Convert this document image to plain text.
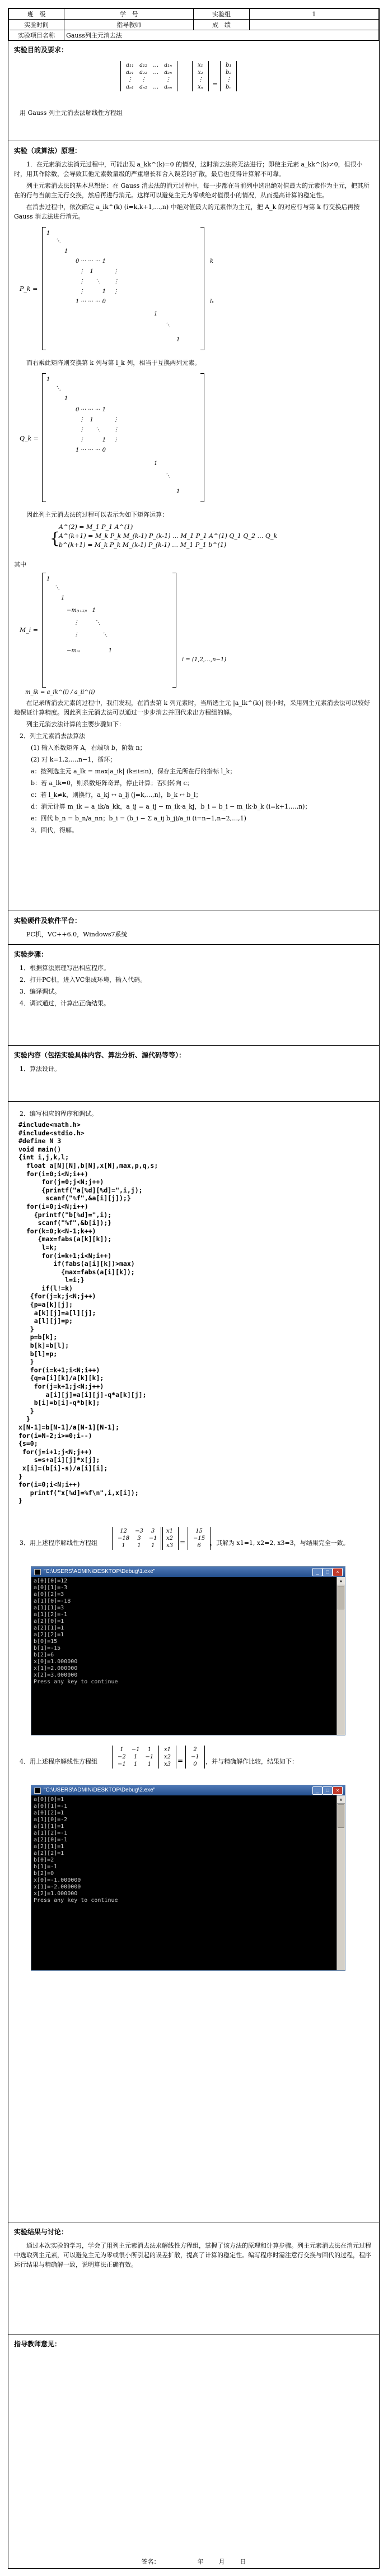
班　级	学　号	实验组	1
实验时间	指导教师	成　绩	
实验项目名称	Gauss列主元消去法		
实验目的及要求：
a₁₁	a₁₂	…	a₁ₙ
a₂₁	a₂₂	…	a₂ₙ
⋮	⋮		⋮
aₙ₁	aₙ₂	…	aₙₙ
x₁
x₂
⋮
xₙ =
b₁
b₂
⋮
bₙ
用 Gauss 列主元消去法解线性方程组
实验（或算法）原理：

1．在元素消去法消元过程中，可能出现 a_kk^(k)=0 的情况，这时消去法将无法进行；即使主元素 a_kk^(k)≠0，但很小时，用其作除数，会导致其他元素数量级的严重增长和舍入误差的扩散，最后也使得计算解不可靠。

列主元素消去法的基本思想是：在 Gauss 消去法的消元过程中，每一步都在当前列中选出绝对值最大的元素作为主元，把其所在的行与当前主元行交换，然后再进行消元。这样可以避免主元为零或绝对值很小的情况，从而提高计算的稳定性。

在消去过程中，依次确定 a_ik^(k) (i=k,k+1,…,n) 中绝对值最大的元素作为主元，把 A_k 的对应行与第 k 行交换后再按 Gauss 消去法进行消元。

P_k =
1
⋱
1
0 ··· ··· ··· 1
⋮   1           ⋮
⋮      ⋱       ⋮
⋮          1    ⋮
1 ··· ··· ··· 0
1
⋱
1
k
lₖ

而右乘此矩阵则交换第 k 列与第 l_k 列，相当于互换两列元素。

Q_k =
1
⋱
1
0 ··· ··· ··· 1
⋮   1           ⋮
⋮      ⋱       ⋮
⋮          1    ⋮
1 ··· ··· ··· 0
1
⋱
1

因此列主元消去法的过程可以表示为如下矩阵运算：

A^(2) = M_1 P_1 A^(1)
{
A^(k+1) = M_k P_k M_(k-1) P_(k-1) … M_1 P_1 A^(1) Q_1 Q_2 … Q_k
b^(k+1) = M_k P_k M_(k-1) P_(k-1) … M_1 P_1 b^(1)

其中

M_i =
1
⋱
1
−m₍ᵢ₊₁₎ᵢ   1
⋮         ⋱
⋮             ⋱
−mₙᵢ                1
i = (1,2,…,n−1)
m_ik = a_ik^(i) / a_ii^(i)

在记录所消去元素的过程中，我们发现，在消去第 k 列元素时，当所选主元 |a_lk^(k)| 很小时，采用列主元素消去法可以较好地保证计算精度。因此列主元消去法可以通过一步步消去并回代求出方程组的解。

列主元消去法计算的主要步骤如下：

2．列主元素消去法算法

(1) 输入系数矩阵 A，右端项 b，阶数 n；

(2) 对 k=1,2,…,n−1，循环；

a：按列选主元 a_lk = max|a_ik| (k≤i≤n)，保存主元所在行的指标 l_k；

b：若 a_lk=0，则系数矩阵奇异，停止计算；否则转向 c；

c：若 l_k≠k，则换行，a_kj ↔ a_lj (j=k,…,n)，b_k ↔ b_l；

d：消元计算 m_ik = a_ik/a_kk，a_ij = a_ij − m_ik·a_kj，b_i = b_i − m_ik·b_k (i=k+1,…,n)；

e：回代 b_n = b_n/a_nn；b_i = (b_i − Σ a_ij b_j)/a_ii (i=n−1,n−2,…,1)

3．回代，得解。

实验硬件及软件平台：

PC机，VC++6.0，Windows7系统

实验步骤：

1．根据算法原理写出相应程序。

2．打开PC机，进入VC集成环境，输入代码。

3．编译调试。

4．调试通过，计算出正确结果。

实验内容（包括实验具体内容、算法分析、源代码等等）：

1．算法设计。

2．编写相应的程序和调试。

#include<math.h>
#include<stdio.h>
#define N 3
void main()
{int i,j,k,l;
float a[N][N],b[N],x[N],max,p,q,s;
for(i=0;i<N;i++)
for(j=0;j<N;j++)
{printf("a[%d][%d]=",i,j);
scanf("%f",&a[i][j]);}
for(i=0;i<N;i++)
{printf("b[%d]=",i);
scanf("%f",&b[i]);}
for(k=0;k<N-1;k++)
{max=fabs(a[k][k]);
l=k;
for(i=k+1;i<N;i++)
if(fabs(a[i][k])>max)
{max=fabs(a[i][k]);
l=i;}
if(l!=k)
{for(j=k;j<N;j++)
{p=a[k][j];
a[k][j]=a[l][j];
a[l][j]=p;
}
p=b[k];
b[k]=b[l];
b[l]=p;
}
for(i=k+1;i<N;i++)
{q=a[i][k]/a[k][k];
for(j=k+1;j<N;j++)
a[i][j]=a[i][j]-q*a[k][j];
b[i]=b[i]-q*b[k];
}
}
x[N-1]=b[N-1]/a[N-1][N-1];
for(i=N-2;i>=0;i--)
{s=0;
for(j=i+1;j<N;j++)
s=s+a[i][j]*x[j];
x[i]=(b[i]-s)/a[i][i];
}
for(i=0;i<N;i++)
printf("x[%d]=%f\n",i,x[i]);
}
3．用上述程序解线性方程组
12	−3	3
−18	3	−1
1	1	1
x1
x2
x3 =
15
−15
6 ，其解为 x1=1, x2=2, x3=3，与结果完全一致。
"C:\USERS\ADMIN\DESKTOP\Debug\1.exe"	_	□	×
a[0][0]=12
a[0][1]=-3
a[0][2]=3
a[1][0]=-18
a[1][1]=3
a[1][2]=-1
a[2][0]=1
a[2][1]=1
a[2][2]=1
b[0]=15
b[1]=-15
b[2]=6
x[0]=1.000000
x[1]=2.000000
x[2]=3.000000
Press any key to continue
▲
4．用上述程序解线性方程组
1	−1	1
−2	1	−1
−1	1	1
x1
x2
x3 =
2
−1
0 ，并与精确解作比较，结果如下：
"C:\USERS\ADMIN\DESKTOP\Debug\2.exe"	_	□	×
a[0][0]=1
a[0][1]=-1
a[0][2]=1
a[1][0]=-2
a[1][1]=1
a[1][2]=-1
a[2][0]=-1
a[2][1]=1
a[2][2]=1
b[0]=2
b[1]=-1
b[2]=0
x[0]=-1.000000
x[1]=-2.000000
x[2]=1.000000
Press any key to continue
▲
实验结果与讨论：

通过本次实验的学习，学会了用列主元素消去法求解线性方程组，掌握了该方法的原理和计算步骤。列主元素消去法在消元过程中选取列主元素，可以避免主元为零或很小所引起的误差扩散，提高了计算的稳定性。编写程序时需注意行交换与回代的过程，程序运行结果与精确解一致，说明算法正确有效。

指导教师意见：
签名：	年 月 日
